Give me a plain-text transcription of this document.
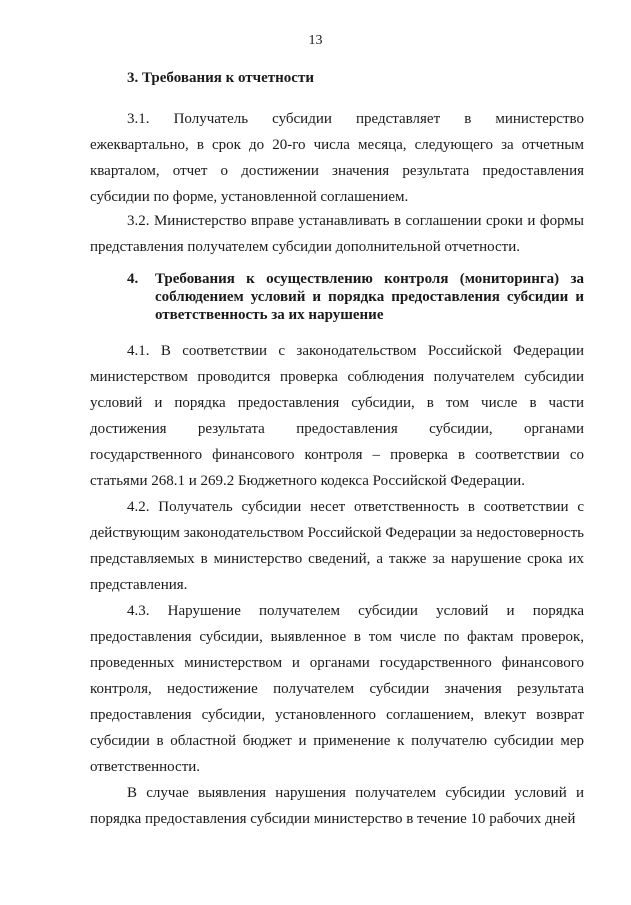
13
3. Требования к отчетности
3.1. Получатель субсидии представляет в министерство ежеквартально, в срок до 20-го числа месяца, следующего за отчетным кварталом, отчет о достижении значения результата предоставления субсидии по форме, установленной соглашением.
3.2. Министерство вправе устанавливать в соглашении сроки и формы представления получателем субсидии дополнительной отчетности.
4. Требования к осуществлению контроля (мониторинга) за соблюдением условий и порядка предоставления субсидии и ответственность за их нарушение
4.1. В соответствии с законодательством Российской Федерации министерством проводится проверка соблюдения получателем субсидии условий и порядка предоставления субсидии, в том числе в части достижения результата предоставления субсидии, органами государственного финансового контроля – проверка в соответствии со статьями 268.1 и 269.2 Бюджетного кодекса Российской Федерации.
4.2. Получатель субсидии несет ответственность в соответствии с действующим законодательством Российской Федерации за недостоверность представляемых в министерство сведений, а также за нарушение срока их представления.
4.3. Нарушение получателем субсидии условий и порядка предоставления субсидии, выявленное в том числе по фактам проверок, проведенных министерством и органами государственного финансового контроля, недостижение получателем субсидии значения результата предоставления субсидии, установленного соглашением, влекут возврат субсидии в областной бюджет и применение к получателю субсидии мер ответственности.
В случае выявления нарушения получателем субсидии условий и порядка предоставления субсидии министерство в течение 10 рабочих дней
